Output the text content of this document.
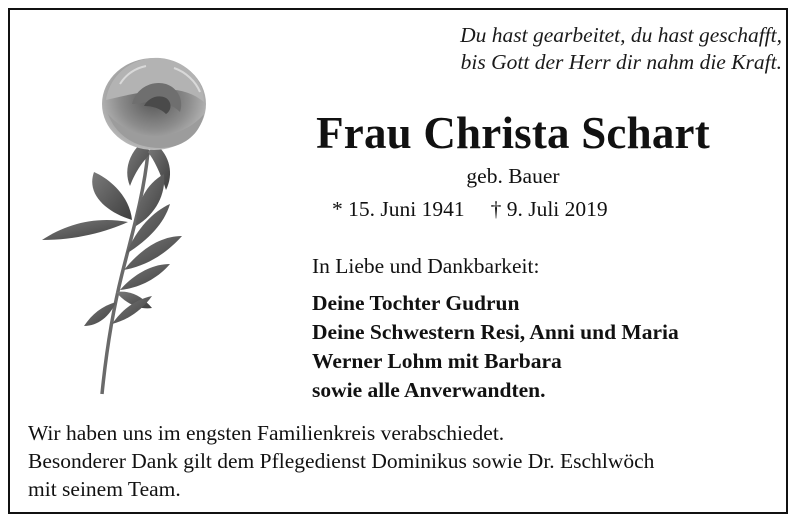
Du hast gearbeitet, du hast geschafft,
bis Gott der Herr dir nahm die Kraft.
Frau Christa Schart
geb. Bauer
* 15. Juni 1941 † 9. Juli 2019
In Liebe und Dankbarkeit:
Deine Tochter Gudrun
Deine Schwestern Resi, Anni und Maria
Werner Lohm mit Barbara
sowie alle Anverwandten.
Wir haben uns im engsten Familienkreis verabschiedet.
Besonderer Dank gilt dem Pflegedienst Dominikus sowie Dr. Eschlwöch
mit seinem Team.
